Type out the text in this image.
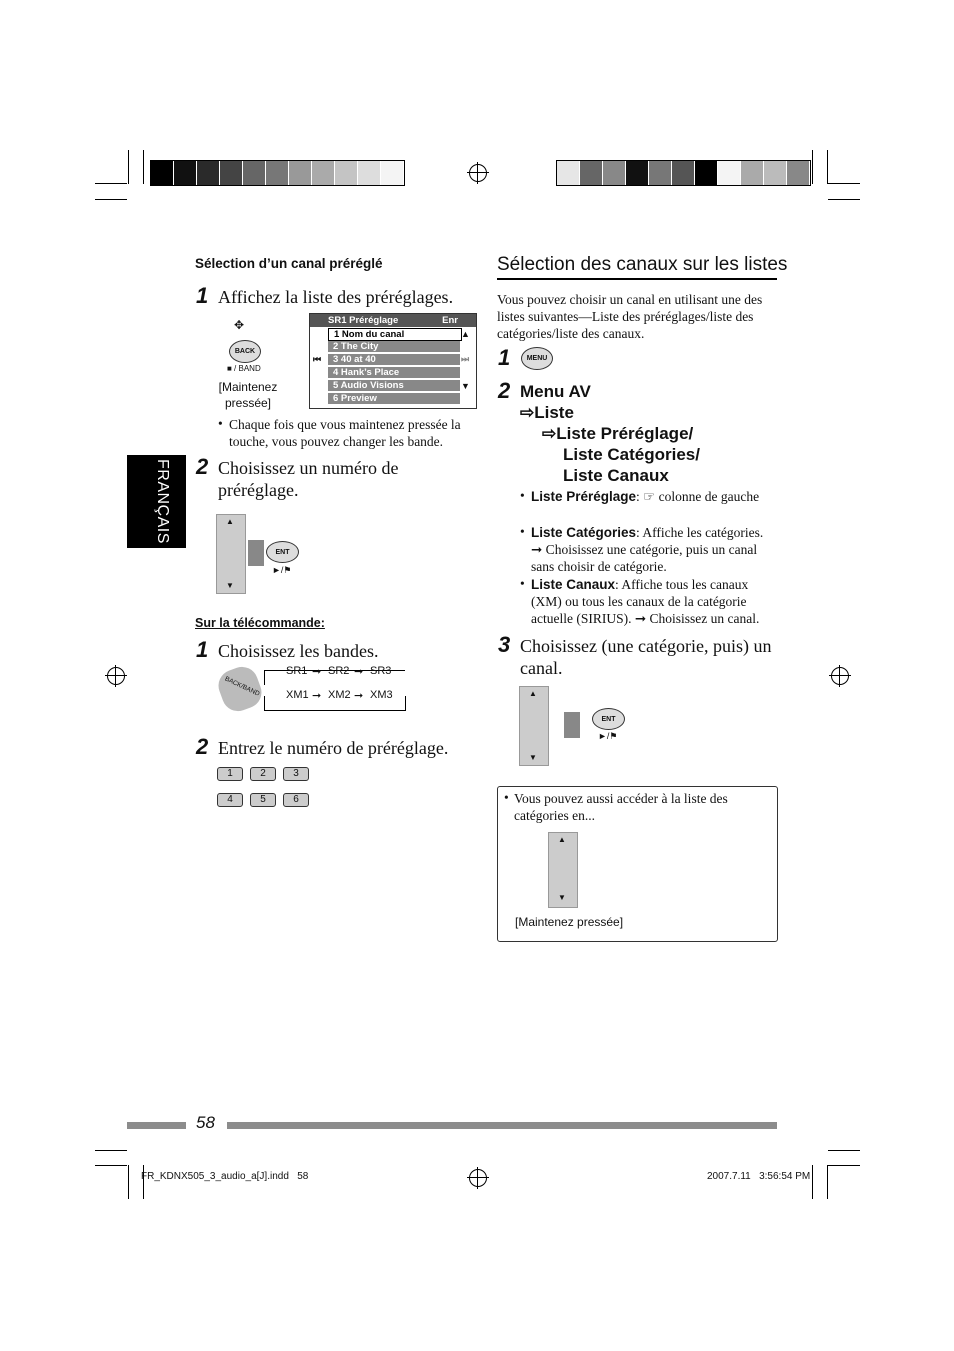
FRANÇAIS
Sélection d’un canal préréglé
1 Affichez la liste des préréglages.
✥
BACK
■ / BAND
[Maintenez pressée]
SR1 Préréglage	Enr
1 Nom du canal
2 The City
3 40 at 40
4 Hank’s Place
5 Audio Visions
6 Preview
⏮	⏭
▲
▼
• Chaque fois que vous maintenez pressée la touche, vous pouvez changer les bande.
2 Choisissez un numéro de préréglage.
▲
▼
ENT
►/⚑
Sur la télécommande:
1 Choisissez les bandes.
BACK/BAND
SR1 ➞ SR2 ➞ SR3
XM1 ➞ XM2 ➞ XM3
2 Entrez le numéro de préréglage.
1	2	3
4	5	6
Sélection des canaux sur les listes
Vous pouvez choisir un canal en utilisant une des listes suivantes—Liste des préréglages/liste des catégories/liste des canaux.
1	MENU
2 Menu AV
⇨Liste
⇨Liste Préréglage/
Liste Catégories/
Liste Canaux
• Liste Préréglage: ☞ colonne de gauche
• Liste Catégories: Affiche les catégories. ➞ Choisissez une catégorie, puis un canal sans choisir de catégorie.
• Liste Canaux: Affiche tous les canaux (XM) ou tous les canaux de la catégorie actuelle (SIRIUS). ➞ Choisissez un canal.
3 Choisissez (une catégorie, puis) un canal.
▲
▼
ENT
►/⚑
• Vous pouvez aussi accéder à la liste des catégories en...
▲
▼
[Maintenez pressée]
58
FR_KDNX505_3_audio_a[J].indd   58	2007.7.11   3:56:54 PM
